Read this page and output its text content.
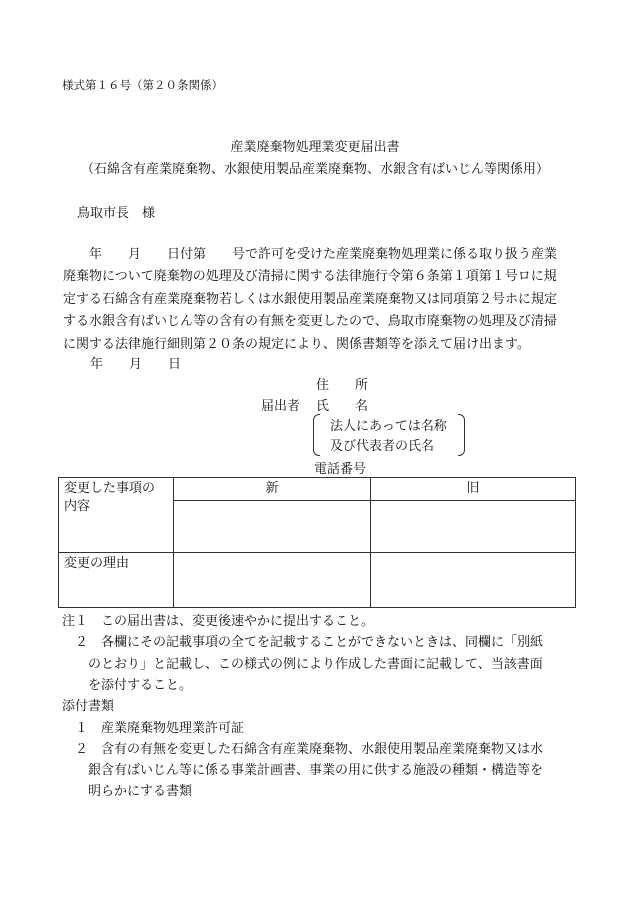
様式第１６号（第２０条関係）
産業廃棄物処理業変更届出書
（石綿含有産業廃棄物、水銀使用製品産業廃棄物、水銀含有ばいじん等関係用）
鳥取市長　様
　　年　　月　　日付第　　号で許可を受けた産業廃棄物処理業に係る取り扱う産業
廃棄物について廃棄物の処理及び清掃に関する法律施行令第６条第１項第１号ロに規
定する石綿含有産業廃棄物若しくは水銀使用製品産業廃棄物又は同項第２号ホに規定
する水銀含有ばいじん等の含有の有無を変更したので、鳥取市廃棄物の処理及び清掃
に関する法律施行細則第２０条の規定により、関係書類等を添えて届け出ます。
年　　月　　日
住　　所
届出者 氏　　名
法人にあっては名称
及び代表者の氏名
電話番号
変更した事項の
内容	新	旧

変更の理由		
注１　この届出書は、変更後速やかに提出すること。
　２　各欄にその記載事項の全てを記載することができないときは、同欄に「別紙
　　のとおり」と記載し、この様式の例により作成した書面に記載して、当該書面
　　を添付すること。
添付書類
　１　産業廃棄物処理業許可証
　２　含有の有無を変更した石綿含有産業廃棄物、水銀使用製品産業廃棄物又は水
　　銀含有ばいじん等に係る事業計画書、事業の用に供する施設の種類・構造等を
　　明らかにする書類
